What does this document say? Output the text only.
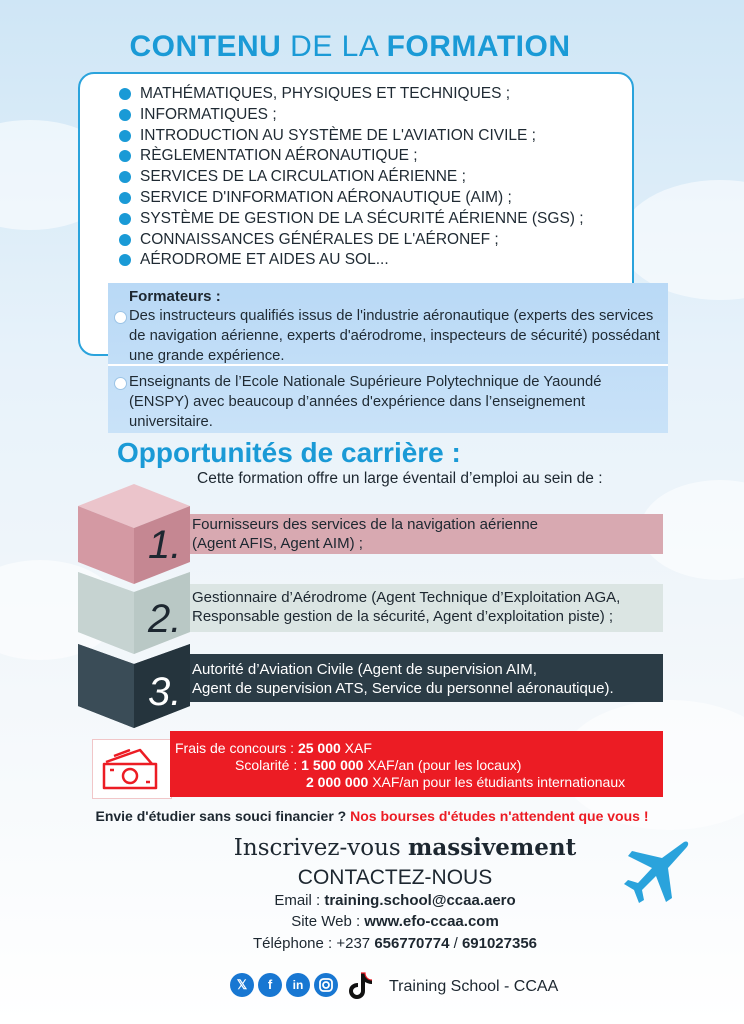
CONTENU DE LA FORMATION
MATHÉMATIQUES, PHYSIQUES ET TECHNIQUES ;
INFORMATIQUES ;
INTRODUCTION AU SYSTÈME DE L'AVIATION CIVILE ;
RÈGLEMENTATION AÉRONAUTIQUE ;
SERVICES DE LA CIRCULATION AÉRIENNE ;
SERVICE D'INFORMATION AÉRONAUTIQUE (AIM) ;
SYSTÈME DE GESTION DE LA SÉCURITÉ AÉRIENNE (SGS) ;
CONNAISSANCES GÉNÉRALES DE L'AÉRONEF ;
AÉRODROME ET AIDES AU SOL...
Formateurs :
Des instructeurs qualifiés issus de l'industrie aéronautique (experts des services de navigation aérienne, experts d'aérodrome, inspecteurs de sécurité) possédant une grande expérience.
Enseignants de l’Ecole Nationale Supérieure Polytechnique de Yaoundé (ENSPY) avec beaucoup d’années d'expérience dans l’enseignement universitaire.
Opportunités de carrière :
Cette formation offre un large éventail d’emploi au sein de :
1. Fournisseurs des services de la navigation aérienne
(Agent AFIS, Agent AIM) ;
2. Gestionnaire d’Aérodrome (Agent Technique d’Exploitation AGA,
Responsable gestion de la sécurité, Agent d’exploitation piste) ;
3.
Autorité d’Aviation Civile (Agent de supervision AIM,
Agent de supervision ATS, Service du personnel aéronautique).
Frais de concours : 25 000 XAF
Scolarité : 1 500 000 XAF/an (pour les locaux)
2 000 000 XAF/an pour les étudiants internationaux
Envie d'étudier sans souci financier ? Nos bourses d'études n'attendent que vous !
Inscrivez-vous massivement
CONTACTEZ-NOUS
Email : training.school@ccaa.aero
Site Web : www.efo-ccaa.com
Téléphone : +237 656770774 / 691027356
𝕏	f	in	Training School - CCAA
